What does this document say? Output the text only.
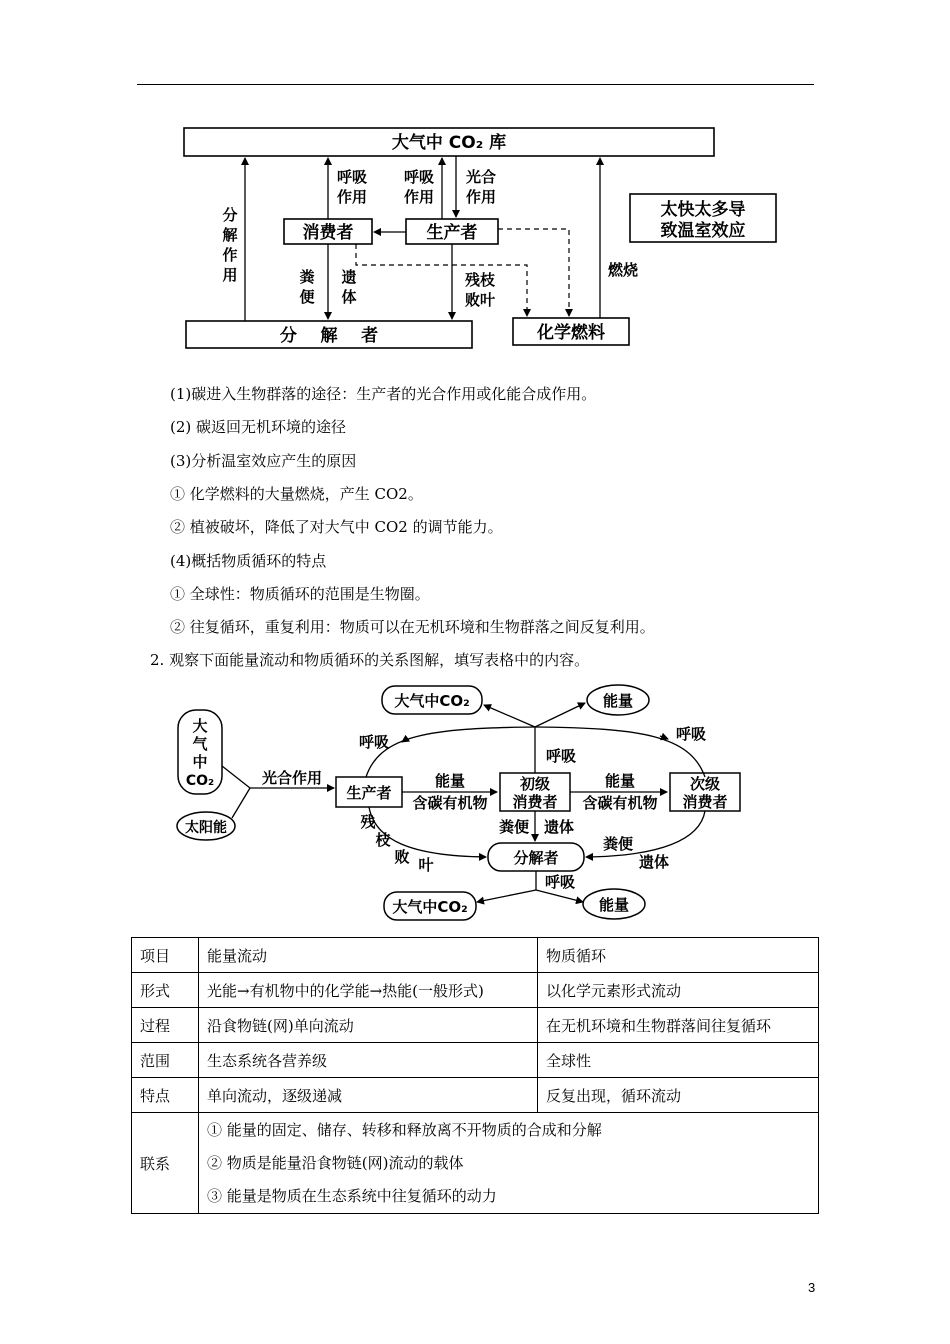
大气中 CO₂ 库
消费者	生产者
太快太多导
致温室效应
分    解    者	化学燃料
分
解
作
用
呼吸
作用
呼吸
作用
光合
作用
燃烧
粪
便
遗
体
残枝
败叶
(1)碳进入生物群落的途径：生产者的光合作用或化能合成作用。
(2) 碳返回无机环境的途径
(3)分析温室效应产生的原因
① 化学燃料的大量燃烧，产生 CO2。
② 植被破坏，降低了对大气中 CO2 的调节能力。
(4)概括物质循环的特点
① 全球性：物质循环的范围是生物圈。
② 往复循环，重复利用：物质可以在无机环境和生物群落之间反复利用。
2. 观察下面能量流动和物质循环的关系图解，填写表格中的内容。
大气中CO₂	能量
呼吸
呼吸
呼吸
大
气
中
CO₂
太阳能
光合作用
生产者
能量
含碳有机物
初级
消费者
能量
含碳有机物
次级
消费者
分解者
残
枝
败 叶
粪便 遗体
粪便
遗体
呼吸
大气中CO₂	能量
项目	能量流动	物质循环
形式	光能→有机物中的化学能→热能(一般形式)	以化学元素形式流动
过程	沿食物链(网)单向流动	在无机环境和生物群落间往复循环
范围	生态系统各营养级	全球性
特点	单向流动，逐级递减	反复出现，循环流动
联系	① 能量的固定、储存、转移和释放离不开物质的合成和分解
② 物质是能量沿食物链(网)流动的载体
③ 能量是物质在生态系统中往复循环的动力	
3
